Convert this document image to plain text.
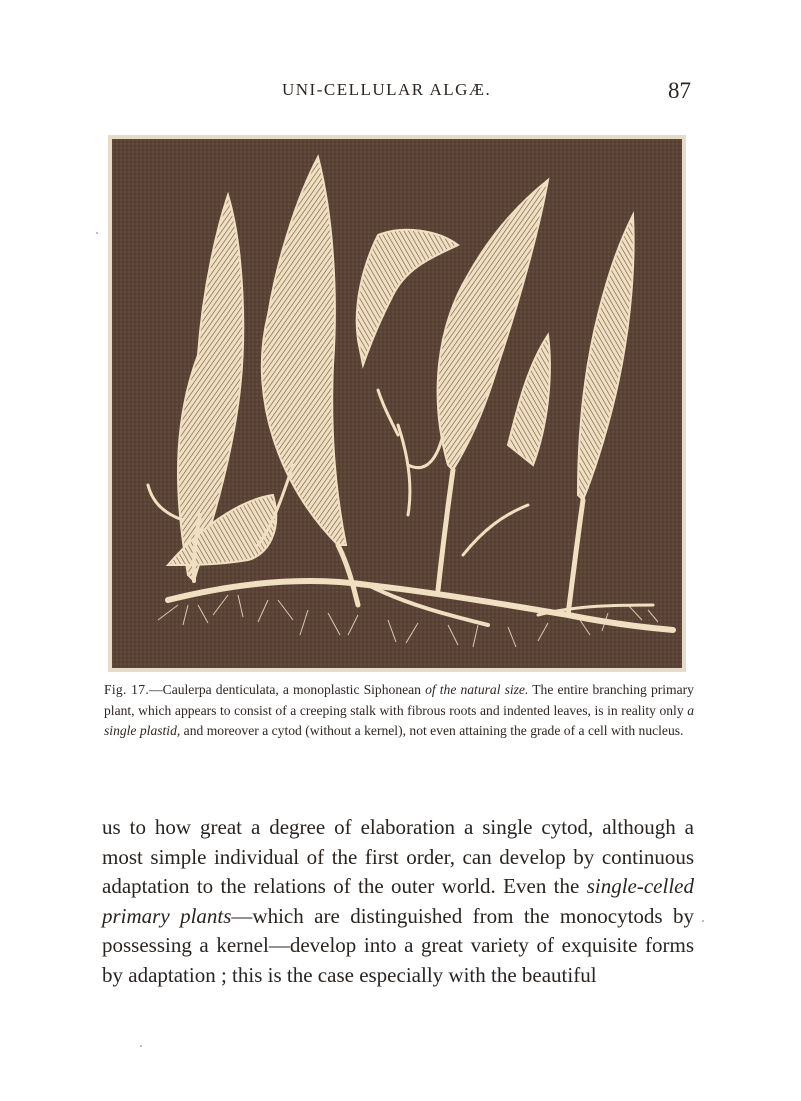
UNI-CELLULAR ALGÆ.	87
Fig. 17.—Caulerpa denticulata, a monoplastic Siphonean of the natural size. The entire branching primary plant, which appears to consist of a creeping stalk with fibrous roots and indented leaves, is in reality only a single plastid, and moreover a cytod (without a kernel), not even attaining the grade of a cell with nucleus.
us to how great a degree of elaboration a single cytod, although a most simple individual of the first order, can develop by continuous adaptation to the relations of the outer world. Even the single-celled primary plants—which are distinguished from the monocytods by possessing a kernel—develop into a great variety of exquisite forms by adaptation ; this is the case especially with the beautiful
